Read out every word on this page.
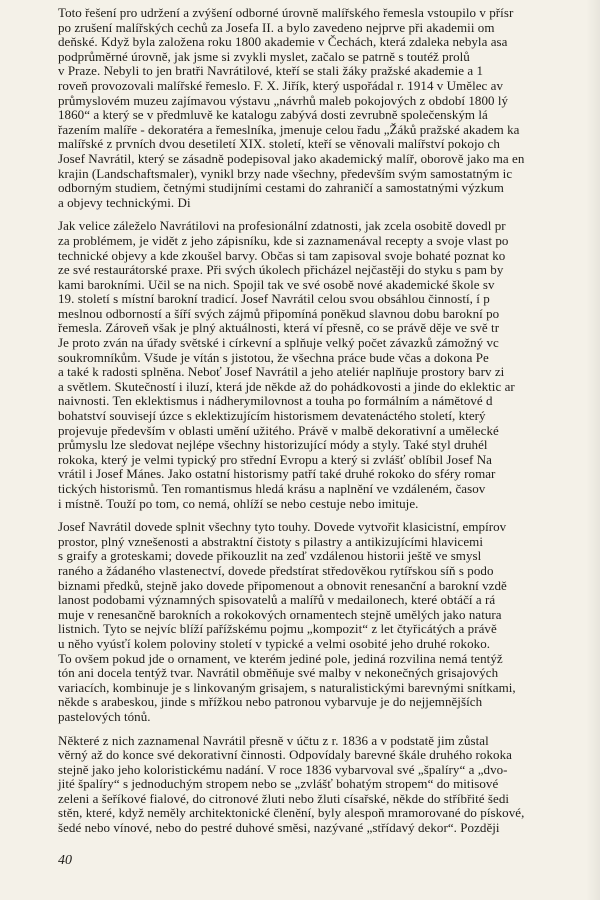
Toto řešení pro udržení a zvýšení odborné úrovně malířského řemesla vstoupilo v přísr
po zrušení malířských cechů za Josefa II. a bylo zavedeno nejprve při akademii om
deňské. Když byla založena roku 1800 akademie v Čechách, která zdaleka nebyla asa
podprůměrné úrovně, jak jsme si zvykli myslet, začalo se patrně s toutéž prolů
v Praze. Nebyli to jen bratři Navrátilové, kteří se stali žáky pražské akademie a 1
roveň provozovali malířské řemeslo. F. X. Jiřík, který uspořádal r. 1914 v Umělec av
průmyslovém muzeu zajímavou výstavu „návrhů maleb pokojových z období 1800 lý
1860“ a který se v předmluvě ke katalogu zabývá dosti zevrubně společenským lá
řazením malíře - dekoratéra a řemeslníka, jmenuje celou řadu „Žáků pražské akadem ka
malířské z prvních dvou desetiletí XIX. století, kteří se věnovali malířství pokojo ch
Josef Navrátil, který se zásadně podepisoval jako akademický malíř, oborově jako ma en
krajin (Landschaftsmaler), vynikl brzy nade všechny, především svým samostatným ic
odborným studiem, četnými studijními cestami do zahraničí a samostatnými výzkum
a objevy technickými. Di
Jak velice záleželo Navrátilovi na profesionální zdatnosti, jak zcela osobitě dovedl pr
za problémem, je vidět z jeho zápisníku, kde si zaznamenával recepty a svoje vlast po
technické objevy a kde zkoušel barvy. Občas si tam zapisoval svoje bohaté poznat ko
ze své restaurátorské praxe. Při svých úkolech přicházel nejčastěji do styku s pam by
kami barokními. Učil se na nich. Spojil tak ve své osobě nové akademické škole sv
19. století s místní barokní tradicí. Josef Navrátil celou svou obsáhlou činností, í p
meslnou odborností a šíří svých zájmů připomíná poněkud slavnou dobu barokní po
řemesla. Zároveň však je plný aktuálnosti, která ví přesně, co se právě děje ve svě tr
Je proto zván na úřady světské i církevní a splňuje velký počet závazků zámožný vc
soukromníkům. Všude je vítán s jistotou, že všechna práce bude včas a dokona Pe
a také k radosti splněna. Neboť Josef Navrátil a jeho ateliér naplňuje prostory barv zi
a světlem. Skutečností i iluzí, která jde někde až do pohádkovosti a jinde do eklektic ar
naivnosti. Ten eklektismus i nádherymilovnost a touha po formálním a námětové d
bohatství souvisejí úzce s eklektizujícím historismem devatenáctého století, který
projevuje především v oblasti umění užitého. Právě v malbě dekorativní a umělecké
průmyslu lze sledovat nejlépe všechny historizující módy a styly. Také styl druhél
rokoka, který je velmi typický pro střední Evropu a který si zvlášť oblíbil Josef Na
vrátil i Josef Mánes. Jako ostatní historismy patří také druhé rokoko do sféry romar
tických historismů. Ten romantismus hledá krásu a naplnění ve vzdáleném, časov
i místně. Touží po tom, co nemá, ohlíží se nebo cestuje nebo imituje.
Josef Navrátil dovede splnit všechny tyto touhy. Dovede vytvořit klasicistní, empírov
prostor, plný vznešenosti a abstraktní čistoty s pilastry a antikizujícími hlavicemi
s graify a groteskami; dovede přikouzlit na zeď vzdálenou historii ještě ve smysl
raného a žádaného vlastenectví, dovede předstírat středověkou rytířskou síň s podo
biznami předků, stejně jako dovede připomenout a obnovit renesanční a barokní vzdě
lanost podobami významných spisovatelů a malířů v medailonech, které obtáčí a rá
muje v renesančně barokních a rokokových ornamentech stejně umělých jako natura
listnich. Tyto se nejvíc blíží pařížskému pojmu „kompozit“ z let čtyřicátých a právě
u něho vyúsťí kolem poloviny století v typické a velmi osobité jeho druhé rokoko.
To ovšem pokud jde o ornament, ve kterém jediné pole, jediná rozvilina nemá tentýž
tón ani docela tentýž tvar. Navrátil obměňuje své malby v nekonečných grisajových
variacích, kombinuje je s linkovaným grisajem, s naturalistickými barevnými snítkami,
někde s arabeskou, jinde s mřížkou nebo patronou vybarvuje je do nejjemnějších
pastelových tónů.
Některé z nich zaznamenal Navrátil přesně v účtu z r. 1836 a v podstatě jim zůstal
věrný až do konce své dekorativní činnosti. Odpovídaly barevné škále druhého rokoka
stejně jako jeho koloristickému nadání. V roce 1836 vybarvoval své „špalíry“ a „dvo-
jité špalíry“ s jednoduchým stropem nebo se „zvlášť bohatým stropem“ do mitisové
zeleni a šeříkové fialové, do citronové žluti nebo žluti císařské, někde do stříbřité šedi
stěn, které, když neměly architektonické členění, byly alespoň mramorované do pískové,
šedé nebo vínové, nebo do pestré duhové směsi, nazývané „střídavý dekor“. Později
40
